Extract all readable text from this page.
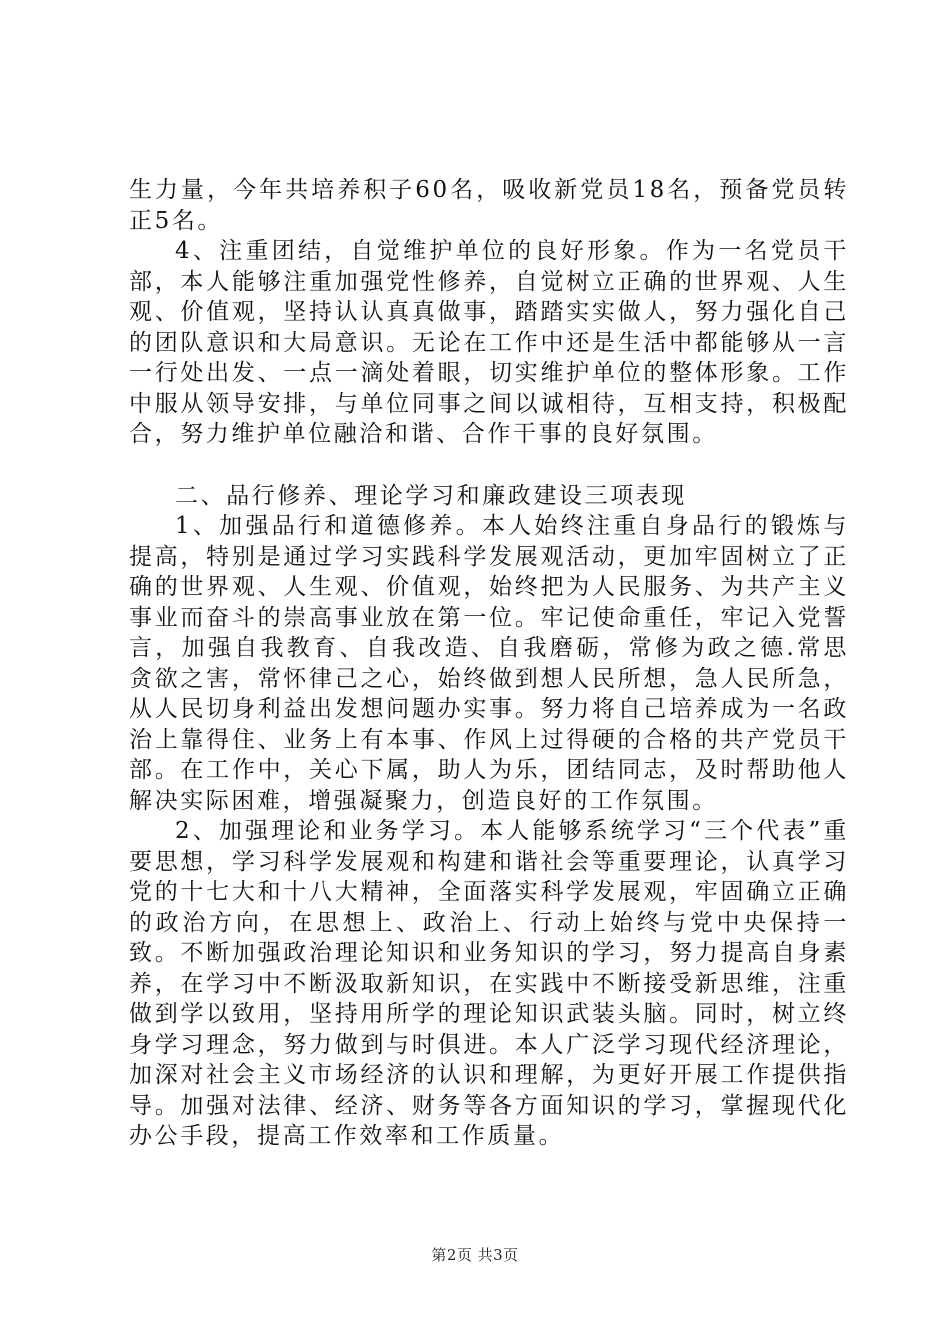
生力量，今年共培养积子60名，吸收新党员18名，预备党员转正5名。

4、注重团结，自觉维护单位的良好形象。作为一名党员干部，本人能够注重加强党性修养，自觉树立正确的世界观、人生观、价值观，坚持认认真真做事，踏踏实实做人，努力强化自己的团队意识和大局意识。无论在工作中还是生活中都能够从一言一行处出发、一点一滴处着眼，切实维护单位的整体形象。工作中服从领导安排，与单位同事之间以诚相待，互相支持，积极配合，努力维护单位融洽和谐、合作干事的良好氛围。

二、品行修养、理论学习和廉政建设三项表现

1、加强品行和道德修养。本人始终注重自身品行的锻炼与提高，特别是通过学习实践科学发展观活动，更加牢固树立了正确的世界观、人生观、价值观，始终把为人民服务、为共产主义事业而奋斗的崇高事业放在第一位。牢记使命重任，牢记入党誓言，加强自我教育、自我改造、自我磨砺，常修为政之德.常思贪欲之害，常怀律己之心，始终做到想人民所想，急人民所急，从人民切身利益出发想问题办实事。努力将自己培养成为一名政治上靠得住、业务上有本事、作风上过得硬的合格的共产党员干部。在工作中，关心下属，助人为乐，团结同志，及时帮助他人解决实际困难，增强凝聚力，创造良好的工作氛围。

2、加强理论和业务学习。本人能够系统学习“三个代表”重要思想，学习科学发展观和构建和谐社会等重要理论，认真学习党的十七大和十八大精神，全面落实科学发展观，牢固确立正确的政治方向，在思想上、政治上、行动上始终与党中央保持一致。不断加强政治理论知识和业务知识的学习，努力提高自身素养，在学习中不断汲取新知识，在实践中不断接受新思维，注重做到学以致用，坚持用所学的理论知识武装头脑。同时，树立终身学习理念，努力做到与时俱进。本人广泛学习现代经济理论，加深对社会主义市场经济的认识和理解，为更好开展工作提供指导。加强对法律、经济、财务等各方面知识的学习，掌握现代化办公手段，提高工作效率和工作质量。

第2页 共3页
